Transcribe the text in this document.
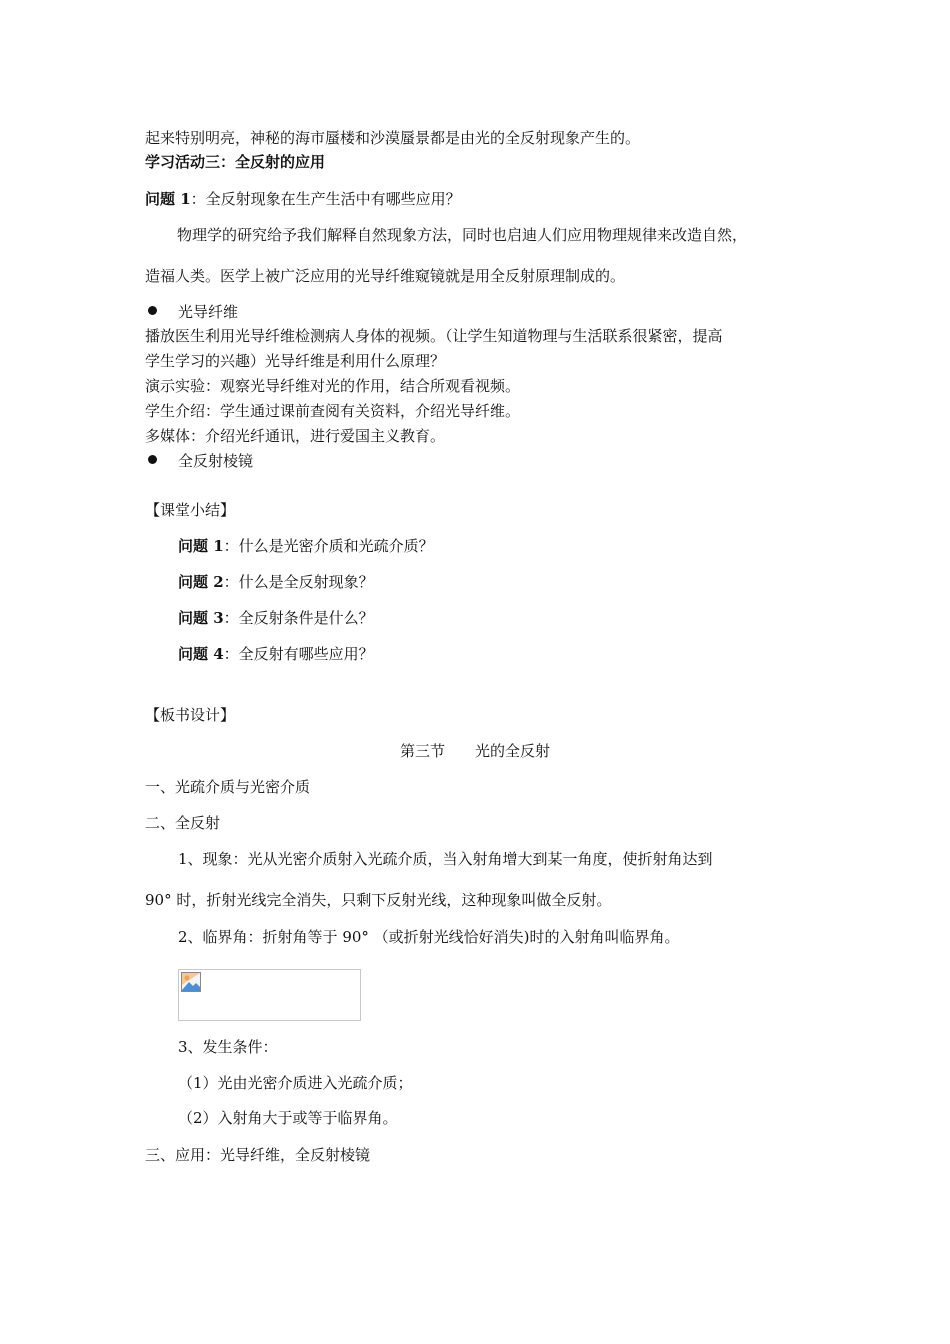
起来特别明亮，神秘的海市蜃楼和沙漠蜃景都是由光的全反射现象产生的。
学习活动三：全反射的应用
问题 1：全反射现象在生产生活中有哪些应用？
物理学的研究给予我们解释自然现象方法，同时也启迪人们应用物理规律来改造自然，
造福人类。医学上被广泛应用的光导纤维窥镜就是用全反射原理制成的。
光导纤维
播放医生利用光导纤维检测病人身体的视频。（让学生知道物理与生活联系很紧密，提高
学生学习的兴趣）光导纤维是利用什么原理？
演示实验：观察光导纤维对光的作用，结合所观看视频。
学生介绍：学生通过课前查阅有关资料，介绍光导纤维。
多媒体：介绍光纤通讯，进行爱国主义教育。
全反射棱镜
【课堂小结】
问题 1：什么是光密介质和光疏介质？
问题 2：什么是全反射现象？
问题 3：全反射条件是什么？
问题 4：全反射有哪些应用？
【板书设计】
第三节　　光的全反射
一、光疏介质与光密介质
二、全反射
1、现象：光从光密介质射入光疏介质，当入射角增大到某一角度，使折射角达到
90° 时，折射光线完全消失，只剩下反射光线，这种现象叫做全反射。
2、临界角：折射角等于 90° （或折射光线恰好消失)时的入射角叫临界角。
3、发生条件：
（1）光由光密介质进入光疏介质；
（2）入射角大于或等于临界角。
三、应用：光导纤维，全反射棱镜
